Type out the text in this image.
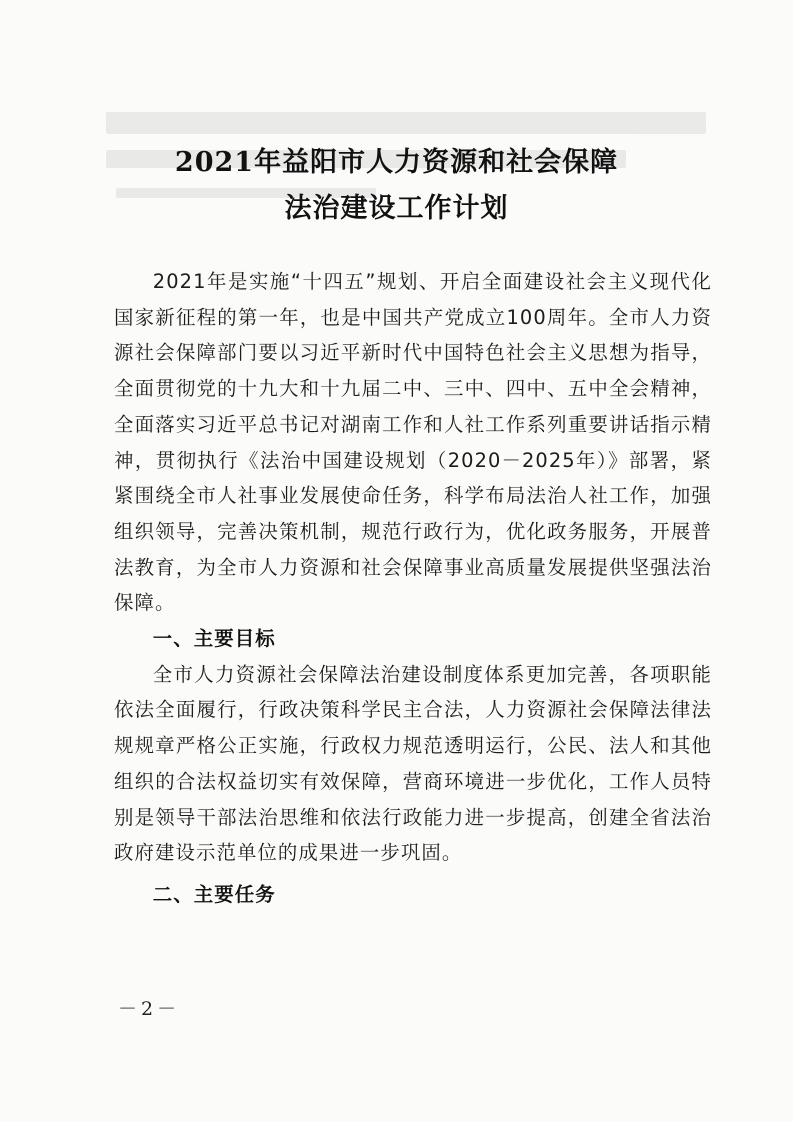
2021年益阳市人力资源和社会保障
法治建设工作计划

2021年是实施“十四五”规划、开启全面建设社会主义现代化国家新征程的第一年，也是中国共产党成立100周年。全市人力资源社会保障部门要以习近平新时代中国特色社会主义思想为指导，全面贯彻党的十九大和十九届二中、三中、四中、五中全会精神，全面落实习近平总书记对湖南工作和人社工作系列重要讲话指示精神，贯彻执行《法治中国建设规划（2020－2025年）》部署，紧紧围绕全市人社事业发展使命任务，科学布局法治人社工作，加强组织领导，完善决策机制，规范行政行为，优化政务服务，开展普法教育，为全市人力资源和社会保障事业高质量发展提供坚强法治保障。

一、主要目标

全市人力资源社会保障法治建设制度体系更加完善，各项职能依法全面履行，行政决策科学民主合法，人力资源社会保障法律法规规章严格公正实施，行政权力规范透明运行，公民、法人和其他组织的合法权益切实有效保障，营商环境进一步优化，工作人员特别是领导干部法治思维和依法行政能力进一步提高，创建全省法治政府建设示范单位的成果进一步巩固。

二、主要任务

－2－
